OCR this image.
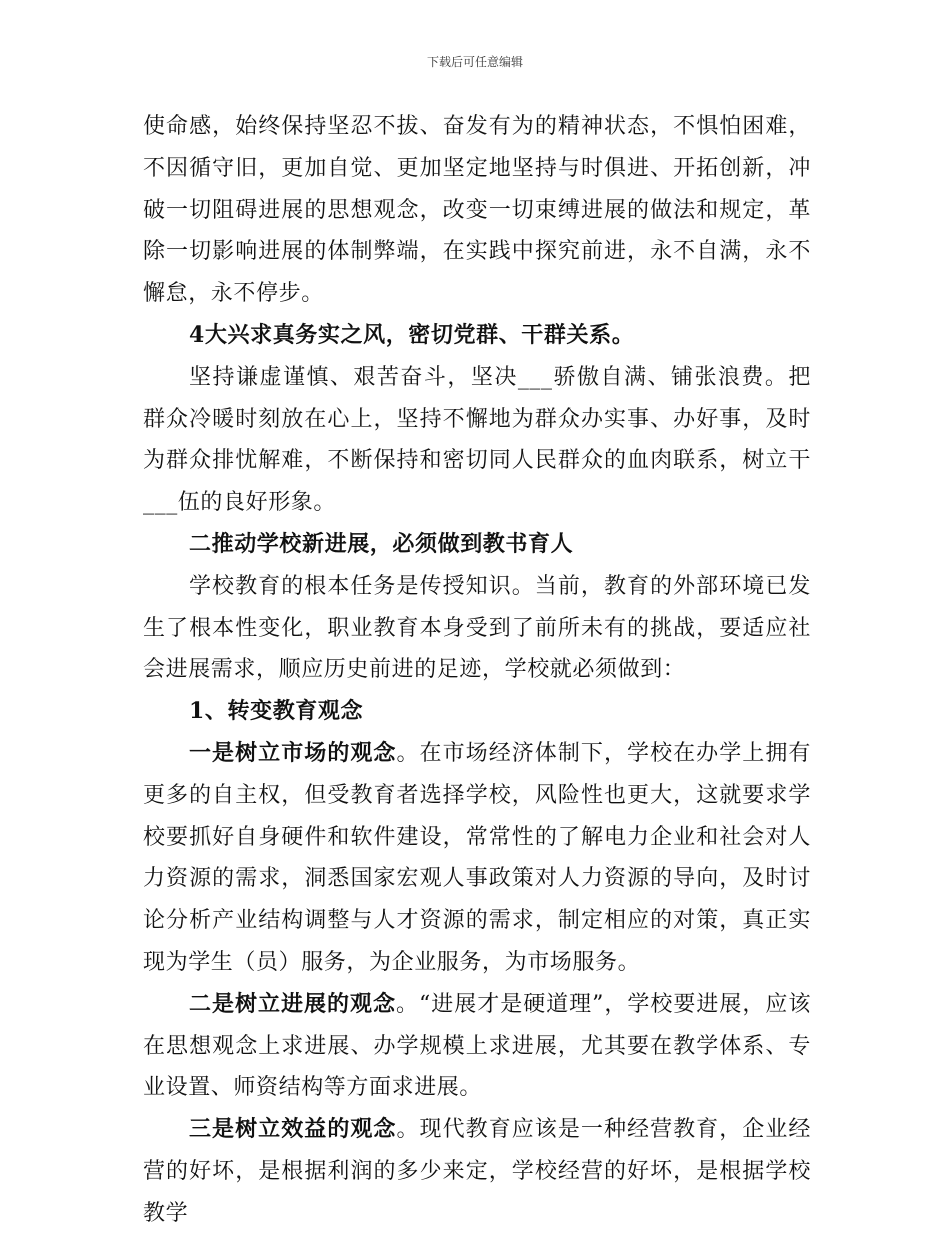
下载后可任意编辑

使命感，始终保持坚忍不拔、奋发有为的精神状态，不惧怕困难，不因循守旧，更加自觉、更加坚定地坚持与时俱进、开拓创新，冲破一切阻碍进展的思想观念，改变一切束缚进展的做法和规定，革除一切影响进展的体制弊端，在实践中探究前进，永不自满，永不懈怠，永不停步。

4大兴求真务实之风，密切党群、干群关系。

坚持谦虚谨慎、艰苦奋斗，坚决___骄傲自满、铺张浪费。把群众冷暖时刻放在心上，坚持不懈地为群众办实事、办好事，及时为群众排忧解难，不断保持和密切同人民群众的血肉联系，树立干___伍的良好形象。

二推动学校新进展，必须做到教书育人

学校教育的根本任务是传授知识。当前，教育的外部环境已发生了根本性变化，职业教育本身受到了前所未有的挑战，要适应社会进展需求，顺应历史前进的足迹，学校就必须做到：

1、转变教育观念

一是树立市场的观念。在市场经济体制下，学校在办学上拥有更多的自主权，但受教育者选择学校，风险性也更大，这就要求学校要抓好自身硬件和软件建设，常常性的了解电力企业和社会对人力资源的需求，洞悉国家宏观人事政策对人力资源的导向，及时讨论分析产业结构调整与人才资源的需求，制定相应的对策，真正实现为学生（员）服务，为企业服务，为市场服务。

二是树立进展的观念。“进展才是硬道理”，学校要进展，应该在思想观念上求进展、办学规模上求进展，尤其要在教学体系、专业设置、师资结构等方面求进展。

三是树立效益的观念。现代教育应该是一种经营教育，企业经营的好坏，是根据利润的多少来定，学校经营的好坏，是根据学校教学
